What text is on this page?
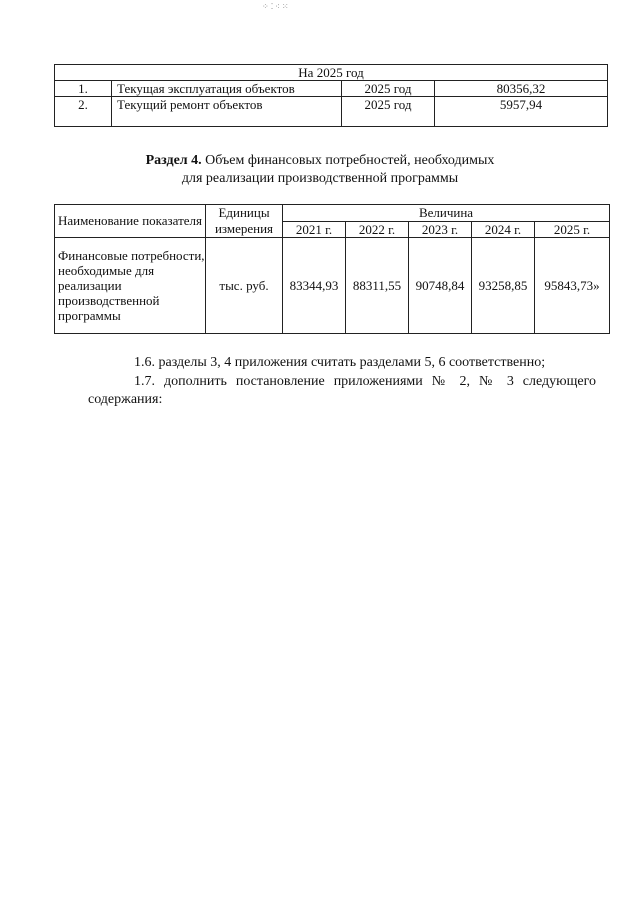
⁘ ⁚ ⁖ ⁙
На 2025 год			
1.	Текущая эксплуатация объектов	2025 год	80356,32
2.	Текущий ремонт объектов	2025 год	5957,94
Раздел 4. Объем финансовых потребностей, необходимых
для реализации производственной программы
Наименование показателя	Единицы измерения	Величина				
		2021 г.	2022 г.	2023 г.	2024 г.	2025 г.
Финансовые потребности, необходимые для реализации производственной программы	тыс. руб.	83344,93	88311,55	90748,84	93258,85	95843,73»
1.6. разделы 3, 4 приложения считать разделами 5, 6 соответственно;
1.7. дополнить постановление приложениями № 2, № 3 следующего
содержания:
